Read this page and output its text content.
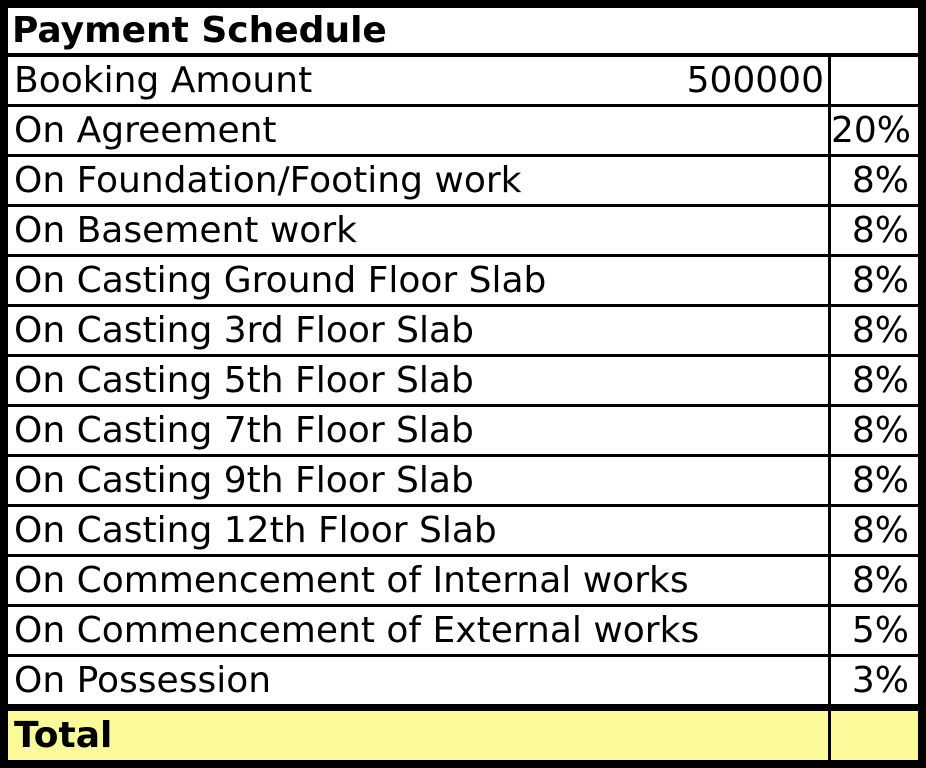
Payment Schedule	

Booking Amount 500000	

On Agreement	20%
On Foundation/Footing work	8%
On Basement work	8%
On Casting Ground Floor Slab	8%
On Casting 3rd Floor Slab	8%
On Casting 5th Floor Slab	8%
On Casting 7th Floor Slab	8%
On Casting 9th Floor Slab	8%
On Casting 12th Floor Slab	8%
On Commencement of Internal works	8%
On Commencement of External works	5%
On Possession	3%
Total	
